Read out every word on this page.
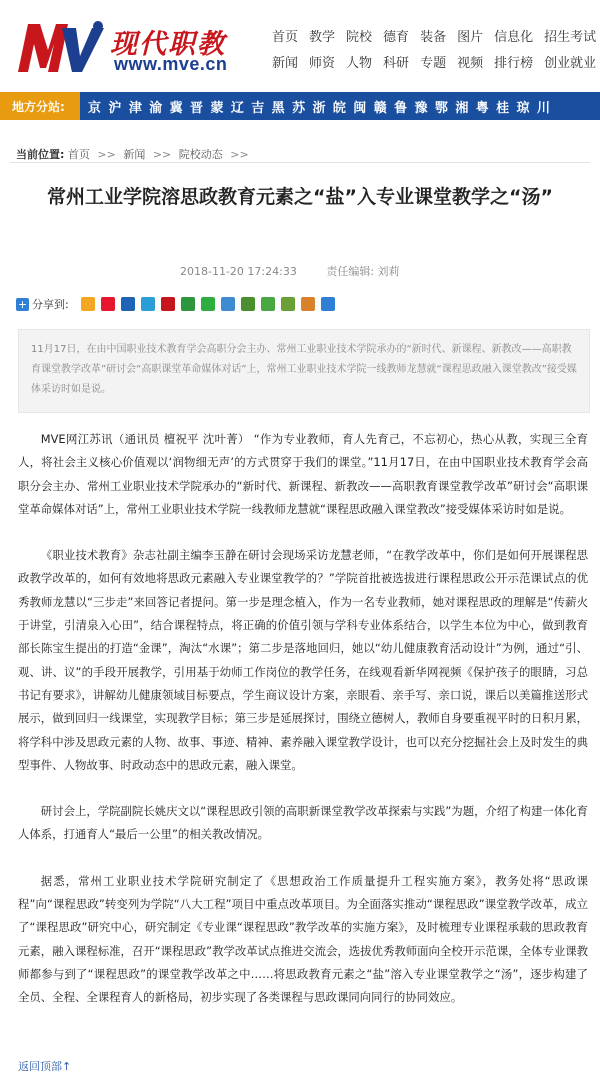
现代职教
www.mve.cn
首页 教学 院校 德育 装备 图片 信息化 招生考试
新闻 师资 人物 科研 专题 视频 排行榜 创业就业
地方分站:	京 沪 津 渝 冀 晋 蒙 辽 吉 黑 苏 浙 皖 闽 赣 鲁 豫 鄂 湘 粤 桂 琼 川
当前位置: 首页 >> 新闻 >> 院校动态 >>
常州工业学院溶思政教育元素之“盐”入专业课堂教学之“汤”
2018-11-20 17:24:33	责任编辑: 刘莉
+ 分享到:
11月17日，在由中国职业技术教育学会高职分会主办、常州工业职业技术学院承办的“新时代、新课程、新教改——高职教育课堂教学改革”研讨会“高职课堂革命媒体对话”上，常州工业职业技术学院一线教师龙慧就“课程思政融入课堂教改”接受媒体采访时如是说。

MVE网江苏讯（通讯员 檀祝平 沈叶菁） “作为专业教师，育人先育己，不忘初心，热心从教，实现三全育人，将社会主义核心价值观以‘润物细无声’的方式贯穿于我们的课堂。”11月17日，在由中国职业技术教育学会高职分会主办、常州工业职业技术学院承办的“新时代、新课程、新教改——高职教育课堂教学改革”研讨会“高职课堂革命媒体对话”上，常州工业职业技术学院一线教师龙慧就“课程思政融入课堂教改”接受媒体采访时如是说。

《职业技术教育》杂志社副主编李玉静在研讨会现场采访龙慧老师，“在教学改革中，你们是如何开展课程思政教学改革的，如何有效地将思政元素融入专业课堂教学的？”学院首批被选拔进行课程思政公开示范课试点的优秀教师龙慧以“三步走”来回答记者提问。第一步是理念植入，作为一名专业教师，她对课程思政的理解是“传薪火于讲堂，引清泉入心田”，结合课程特点，将正确的价值引领与学科专业体系结合，以学生本位为中心，做到教育部长陈宝生提出的打造“金课”，淘汰“水课”；第二步是落地回归，她以“幼儿健康教育活动设计”为例，通过“引、观、讲、议”的手段开展教学，引用基于幼师工作岗位的教学任务，在线观看新华网视频《保护孩子的眼睛，习总书记有要求》，讲解幼儿健康领域目标要点，学生商议设计方案，亲眼看、亲手写、亲口说，课后以美篇推送形式展示，做到回归一线课堂，实现教学目标；第三步是延展探讨，围绕立德树人，教师自身要重视平时的日积月累，将学科中涉及思政元素的人物、故事、事迹、精神、素养融入课堂教学设计，也可以充分挖掘社会上及时发生的典型事件、人物故事、时政动态中的思政元素，融入课堂。

研讨会上，学院副院长姚庆文以“课程思政引领的高职新课堂教学改革探索与实践”为题，介绍了构建一体化育人体系，打通育人“最后一公里”的相关教改情况。

据悉，常州工业职业技术学院研究制定了《思想政治工作质量提升工程实施方案》，教务处将“思政课程”向“课程思政”转变列为学院“八大工程”项目中重点改革项目。为全面落实推动“课程思政”课堂教学改革，成立了“课程思政”研究中心，研究制定《专业课“课程思政”教学改革的实施方案》，及时梳理专业课程承载的思政教育元素，融入课程标准，召开“课程思政”教学改革试点推进交流会，选拔优秀教师面向全校开示范课，全体专业课教师都参与到了“课程思政”的课堂教学改革之中……将思政教育元素之“盐”溶入专业课堂教学之“汤”，逐步构建了全员、全程、全课程育人的新格局，初步实现了各类课程与思政课同向同行的协同效应。

返回顶部↑
